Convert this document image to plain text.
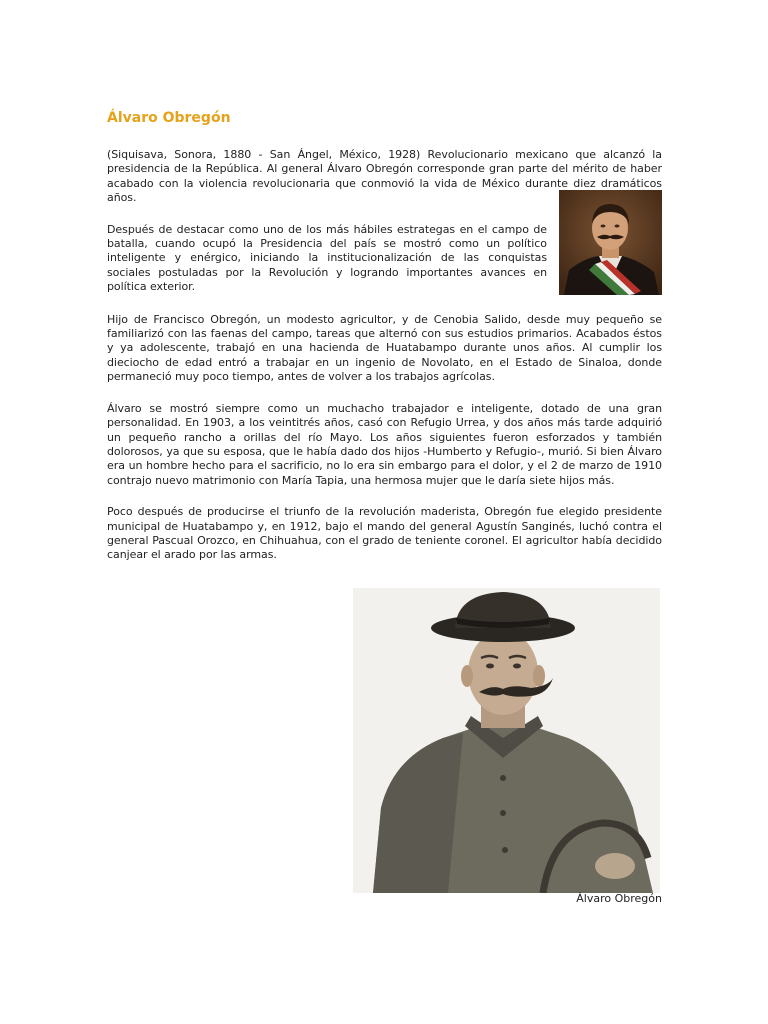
Álvaro Obregón

(Siquisava, Sonora, 1880 - San Ángel, México, 1928) Revolucionario mexicano que alcanzó la presidencia de la República. Al general Álvaro Obregón corresponde gran parte del mérito de haber acabado con la violencia revolucionaria que conmovió la vida de México durante diez dramáticos años.

Después de destacar como uno de los más hábiles estrategas en el campo de batalla, cuando ocupó la Presidencia del país se mostró como un político inteligente y enérgico, iniciando la institucionalización de las conquistas sociales postuladas por la Revolución y logrando importantes avances en política exterior.

Hijo de Francisco Obregón, un modesto agricultor, y de Cenobia Salido, desde muy pequeño se familiarizó con las faenas del campo, tareas que alternó con sus estudios primarios. Acabados éstos y ya adolescente, trabajó en una hacienda de Huatabampo durante unos años. Al cumplir los dieciocho de edad entró a trabajar en un ingenio de Novolato, en el Estado de Sinaloa, donde permaneció muy poco tiempo, antes de volver a los trabajos agrícolas.

Álvaro se mostró siempre como un muchacho trabajador e inteligente, dotado de una gran personalidad. En 1903, a los veintitrés años, casó con Refugio Urrea, y dos años más tarde adquirió un pequeño rancho a orillas del río Mayo. Los años siguientes fueron esforzados y también dolorosos, ya que su esposa, que le había dado dos hijos -Humberto y Refugio-, murió. Si bien Álvaro era un hombre hecho para el sacrificio, no lo era sin embargo para el dolor, y el 2 de marzo de 1910 contrajo nuevo matrimonio con María Tapia, una hermosa mujer que le daría siete hijos más.

Poco después de producirse el triunfo de la revolución maderista, Obregón fue elegido presidente municipal de Huatabampo y, en 1912, bajo el mando del general Agustín Sanginés, luchó contra el general Pascual Orozco, en Chihuahua, con el grado de teniente coronel. El agricultor había decidido canjear el arado por las armas.

Álvaro Obregón
